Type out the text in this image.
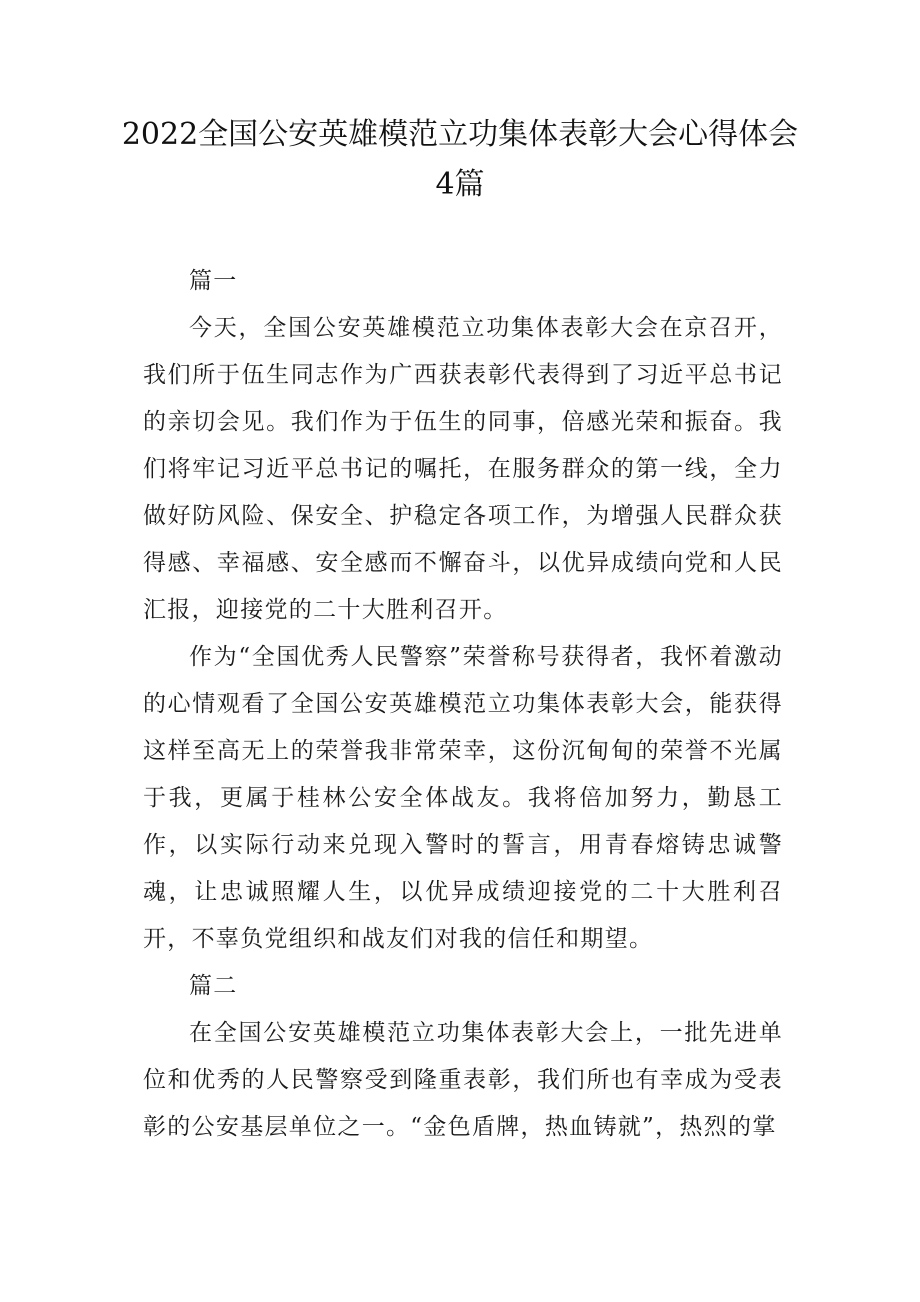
2022全国公安英雄模范立功集体表彰大会心得体会4篇

篇一

今天，全国公安英雄模范立功集体表彰大会在京召开，我们所于伍生同志作为广西获表彰代表得到了习近平总书记的亲切会见。我们作为于伍生的同事，倍感光荣和振奋。我们将牢记习近平总书记的嘱托，在服务群众的第一线，全力做好防风险、保安全、护稳定各项工作，为增强人民群众获得感、幸福感、安全感而不懈奋斗，以优异成绩向党和人民汇报，迎接党的二十大胜利召开。

作为“全国优秀人民警察”荣誉称号获得者，我怀着激动的心情观看了全国公安英雄模范立功集体表彰大会，能获得这样至高无上的荣誉我非常荣幸，这份沉甸甸的荣誉不光属于我，更属于桂林公安全体战友。我将倍加努力，勤恳工作，以实际行动来兑现入警时的誓言，用青春熔铸忠诚警魂，让忠诚照耀人生，以优异成绩迎接党的二十大胜利召开，不辜负党组织和战友们对我的信任和期望。

篇二

在全国公安英雄模范立功集体表彰大会上，一批先进单位和优秀的人民警察受到隆重表彰，我们所也有幸成为受表彰的公安基层单位之一。“金色盾牌，热血铸就”，热烈的掌
